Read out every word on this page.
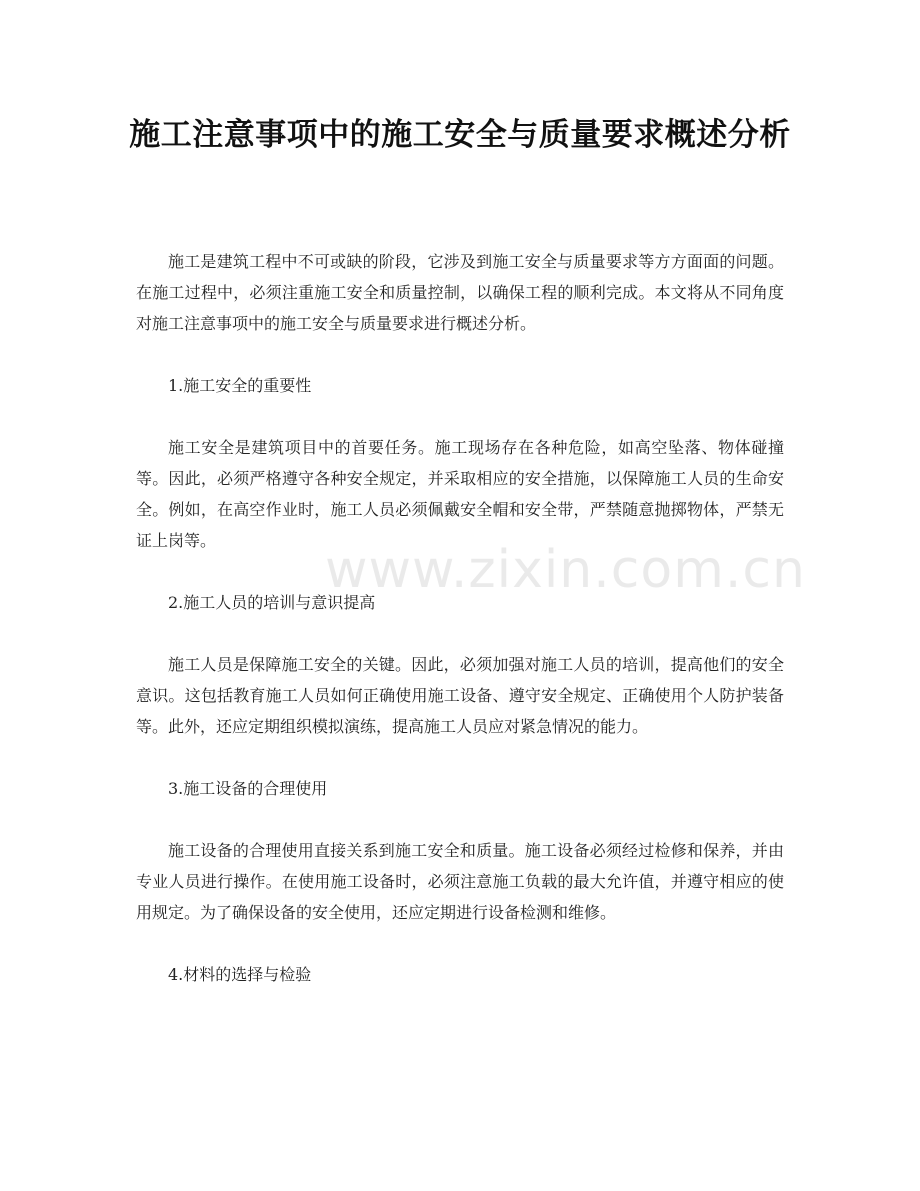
施工注意事项中的施工安全与质量要求概述分析

施工是建筑工程中不可或缺的阶段，它涉及到施工安全与质量要求等方方面面的问题。在施工过程中，必须注重施工安全和质量控制，以确保工程的顺利完成。本文将从不同角度对施工注意事项中的施工安全与质量要求进行概述分析。

1.施工安全的重要性

施工安全是建筑项目中的首要任务。施工现场存在各种危险，如高空坠落、物体碰撞等。因此，必须严格遵守各种安全规定，并采取相应的安全措施，以保障施工人员的生命安全。例如，在高空作业时，施工人员必须佩戴安全帽和安全带，严禁随意抛掷物体，严禁无证上岗等。

2.施工人员的培训与意识提高

施工人员是保障施工安全的关键。因此，必须加强对施工人员的培训，提高他们的安全意识。这包括教育施工人员如何正确使用施工设备、遵守安全规定、正确使用个人防护装备等。此外，还应定期组织模拟演练，提高施工人员应对紧急情况的能力。

3.施工设备的合理使用

施工设备的合理使用直接关系到施工安全和质量。施工设备必须经过检修和保养，并由专业人员进行操作。在使用施工设备时，必须注意施工负载的最大允许值，并遵守相应的使用规定。为了确保设备的安全使用，还应定期进行设备检测和维修。

4.材料的选择与检验

www.zixin.com.cn
